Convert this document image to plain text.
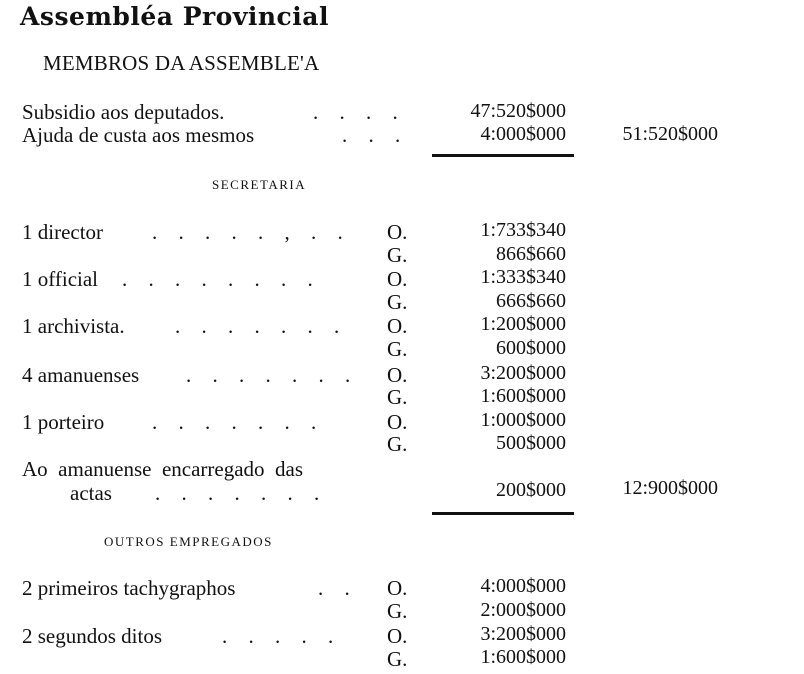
Assembléa Provincial
MEMBROS DA ASSEMBLE'A
Subsidio aos deputados.	. . . .	47:520$000
Ajuda de custa aos mesmos	. . .	4:000$000	51:520$000
SECRETARIA
1 director . . . . . , . . O.	1:733$340
G.	866$660
1 official . . . . . . . .	O.	1:333$340
G.	666$660
1 archivista. . . . . . . . O.	1:200$000
G.	600$000
4 amanuenses . . . . . . . O.	3:200$000
G.	1:600$000
1 porteiro . . . . . . .	O.	1:000$000
G.	500$000
Ao  amanuense  encarregado  das
actas . . . . . . .	200$000	12:900$000
OUTROS EMPREGADOS
2 primeiros tachygraphos	. . O.	4:000$000
G.	2:000$000
2 segundos ditos	. . . . . O.	3:200$000
G.	1:600$000
